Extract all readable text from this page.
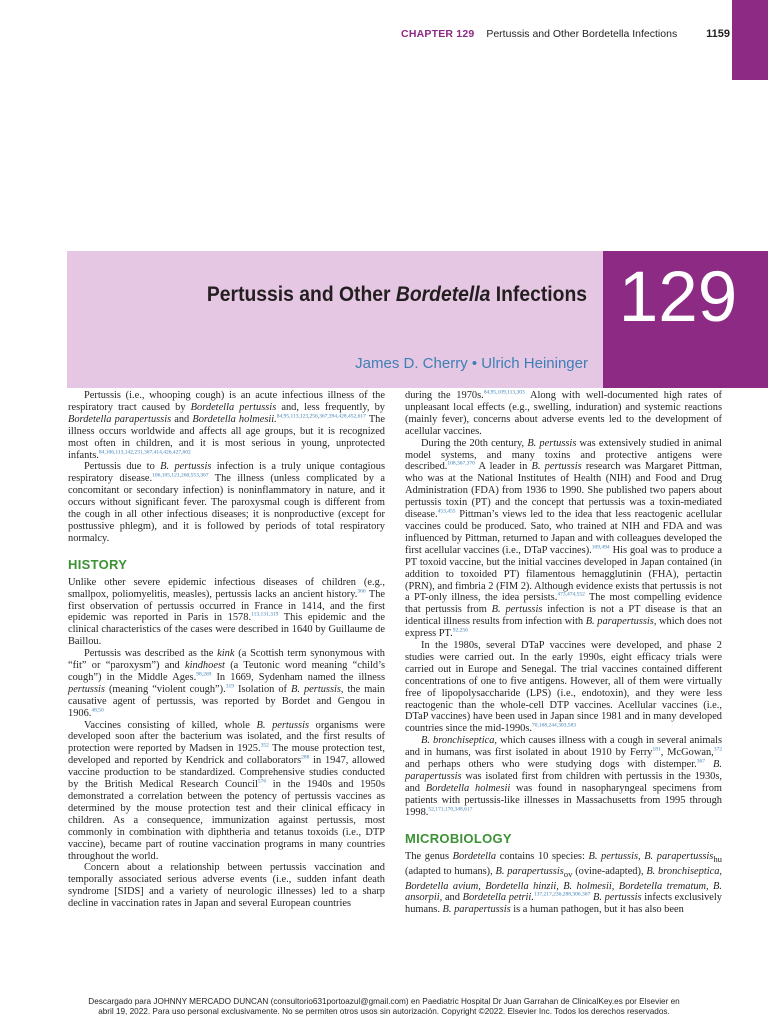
CHAPTER 129 Pertussis and Other Bordetella Infections	1159
129
Pertussis and Other Bordetella Infections
James D. Cherry • Ulrich Heininger

Pertussis (i.e., whooping cough) is an acute infectious illness of the respiratory tract caused by Bordetella pertussis and, less frequently, by Bordetella parapertussis and Bordetella holmesii.$^{84,95,113,123,256,367,394,428,452,617}$ The illness occurs worldwide and affects all age groups, but it is recognized most often in children, and it is most serious in young, unprotected infants.$^{84,106,113,142,231,367,414,426,427,602}$

Pertussis due to B. pertussis infection is a truly unique contagious respiratory disease.$^{106,105,121,260,553,367}$ The illness (unless complicated by a concomitant or secondary infection) is noninflammatory in nature, and it occurs without significant fever. The paroxysmal cough is different from the cough in all other infectious diseases; it is nonproductive (except for posttussive phlegm), and it is followed by periods of total respiratory normalcy.

HISTORY

Unlike other severe epidemic infectious diseases of children (e.g., smallpox, poliomyelitis, measles), pertussis lacks an ancient history.$^{366}$ The first observation of pertussis occurred in France in 1414, and the first epidemic was reported in Paris in 1578.$^{113,131,319}$ This epidemic and the clinical characteristics of the cases were described in 1640 by Guillaume de Baillou.

Pertussis was described as the kink (a Scottish term synonymous with “fit” or “paroxysm”) and kindhoest (a Teutonic word meaning “child’s cough”) in the Middle Ages.$^{98,269}$ In 1669, Sydenham named the illness pertussis (meaning “violent cough”).$^{319}$ Isolation of B. pertussis, the main causative agent of pertussis, was reported by Bordet and Gengou in 1906.$^{48,50}$

Vaccines consisting of killed, whole B. pertussis organisms were developed soon after the bacterium was isolated, and the first results of protection were reported by Madsen in 1925.$^{352}$ The mouse protection test, developed and reported by Kendrick and collaborators$^{288}$ in 1947, allowed vaccine production to be standardized. Comprehensive studies conducted by the British Medical Research Council$^{576}$ in the 1940s and 1950s demonstrated a correlation between the potency of pertussis vaccines as determined by the mouse protection test and their clinical efficacy in children. As a consequence, immunization against pertussis, most commonly in combination with diphtheria and tetanus toxoids (i.e., DTP vaccine), became part of routine vaccination programs in many countries throughout the world.

Concern about a relationship between pertussis vaccination and temporally associated serious adverse events (i.e., sudden infant death syndrome [SIDS] and a variety of neurologic illnesses) led to a sharp decline in vaccination rates in Japan and several European countries

during the 1970s.$^{84,95,109,113,303}$ Along with well-documented high rates of unpleasant local effects (e.g., swelling, induration) and systemic reactions (mainly fever), concerns about adverse events led to the development of acellular vaccines.

During the 20th century, B. pertussis was extensively studied in animal model systems, and many toxins and protective antigens were described.$^{108,367,370}$ A leader in B. pertussis research was Margaret Pittman, who was at the National Institutes of Health (NIH) and Food and Drug Administration (FDA) from 1936 to 1990. She published two papers about pertussis toxin (PT) and the concept that pertussis was a toxin-mediated disease.$^{453,455}$ Pittman’s views led to the idea that less reactogenic acellular vaccines could be produced. Sato, who trained at NIH and FDA and was influenced by Pittman, returned to Japan and with colleagues developed the first acellular vaccines (i.e., DTaP vaccines).$^{109,494}$ His goal was to produce a PT toxoid vaccine, but the initial vaccines developed in Japan contained (in addition to toxoided PT) filamentous hemagglutinin (FHA), pertactin (PRN), and fimbria 2 (FIM 2). Although evidence exists that pertussis is not a PT-only illness, the idea persists.$^{473,474,552}$ The most compelling evidence that pertussis from B. pertussis infection is not a PT disease is that an identical illness results from infection with B. parapertussis, which does not express PT.$^{92,256}$

In the 1980s, several DTaP vaccines were developed, and phase 2 studies were carried out. In the early 1990s, eight efficacy trials were carried out in Europe and Senegal. The trial vaccines contained different concentrations of one to five antigens. However, all of them were virtually free of lipopolysaccharide (LPS) (i.e., endotoxin), and they were less reactogenic than the whole-cell DTP vaccines. Acellular vaccines (i.e., DTaP vaccines) have been used in Japan since 1981 and in many developed countries since the mid-1990s.$^{70,168,244,303,583}$

B. bronchiseptica, which causes illness with a cough in several animals and in humans, was first isolated in about 1910 by Ferry$^{181}$, McGowan,$^{372}$ and perhaps others who were studying dogs with distemper.$^{367}$ B. parapertussis was isolated first from children with pertussis in the 1930s, and Bordetella holmesii was found in nasopharyngeal specimens from patients with pertussis-like illnesses in Massachusetts from 1995 through 1998.$^{52,171,170,348,617}$

MICROBIOLOGY

The genus Bordetella contains 10 species: B. pertussis, B. parapertussis$_{hu}$ (adapted to humans), B. parapertussis$_{ov}$ (ovine-adapted), B. bronchiseptica, Bordetella avium, Bordetella hinzii, B. holmesii, Bordetella trematum, B. ansorpii, and Bordetella petrii.$^{137,217,236,288,306,367}$ B. pertussis infects exclusively humans. B. parapertussis is a human pathogen, but it has also been

Descargado para JOHNNY MERCADO DUNCAN (consultorio631portoazul@gmail.com) en Paediatric Hospital Dr Juan Garrahan de ClinicalKey.es por Elsevier en
abril 19, 2022. Para uso personal exclusivamente. No se permiten otros usos sin autorización. Copyright ©2022. Elsevier Inc. Todos los derechos reservados.
